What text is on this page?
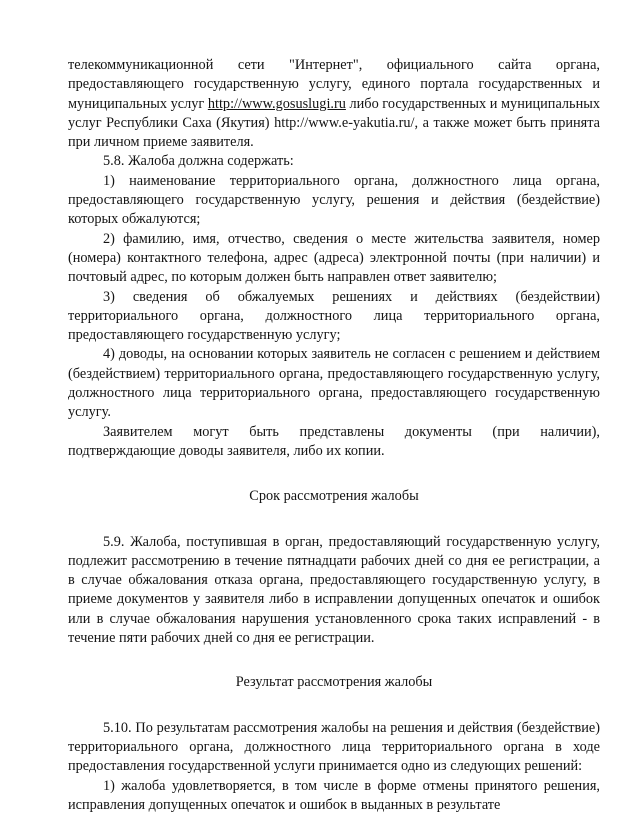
телекоммуникационной сети "Интернет", официального сайта органа, предоставляющего государственную услугу, единого портала государственных и муниципальных услуг http://www.gosuslugi.ru либо государственных и муниципальных услуг Республики Саха (Якутия) http://www.e-yakutia.ru/, а также может быть принята при личном приеме заявителя.

5.8. Жалоба должна содержать:

1) наименование территориального органа, должностного лица органа, предоставляющего государственную услугу, решения и действия (бездействие) которых обжалуются;

2) фамилию, имя, отчество, сведения о месте жительства заявителя, номер (номера) контактного телефона, адрес (адреса) электронной почты (при наличии) и почтовый адрес, по которым должен быть направлен ответ заявителю;

3) сведения об обжалуемых решениях и действиях (бездействии) территориального органа, должностного лица территориального органа, предоставляющего государственную услугу;

4) доводы, на основании которых заявитель не согласен с решением и действием (бездействием) территориального органа, предоставляющего государственную услугу, должностного лица территориального органа, предоставляющего государственную услугу.

Заявителем могут быть представлены документы (при наличии), подтверждающие доводы заявителя, либо их копии.

Срок рассмотрения жалобы

5.9. Жалоба, поступившая в орган, предоставляющий государственную услугу, подлежит рассмотрению в течение пятнадцати рабочих дней со дня ее регистрации, а в случае обжалования отказа органа, предоставляющего государственную услугу, в приеме документов у заявителя либо в исправлении допущенных опечаток и ошибок или в случае обжалования нарушения установленного срока таких исправлений - в течение пяти рабочих дней со дня ее регистрации.

Результат рассмотрения жалобы

5.10. По результатам рассмотрения жалобы на решения и действия (бездействие) территориального органа, должностного лица территориального органа в ходе предоставления государственной услуги принимается одно из следующих решений:

1) жалоба удовлетворяется, в том числе в форме отмены принятого решения, исправления допущенных опечаток и ошибок в выданных в результате
